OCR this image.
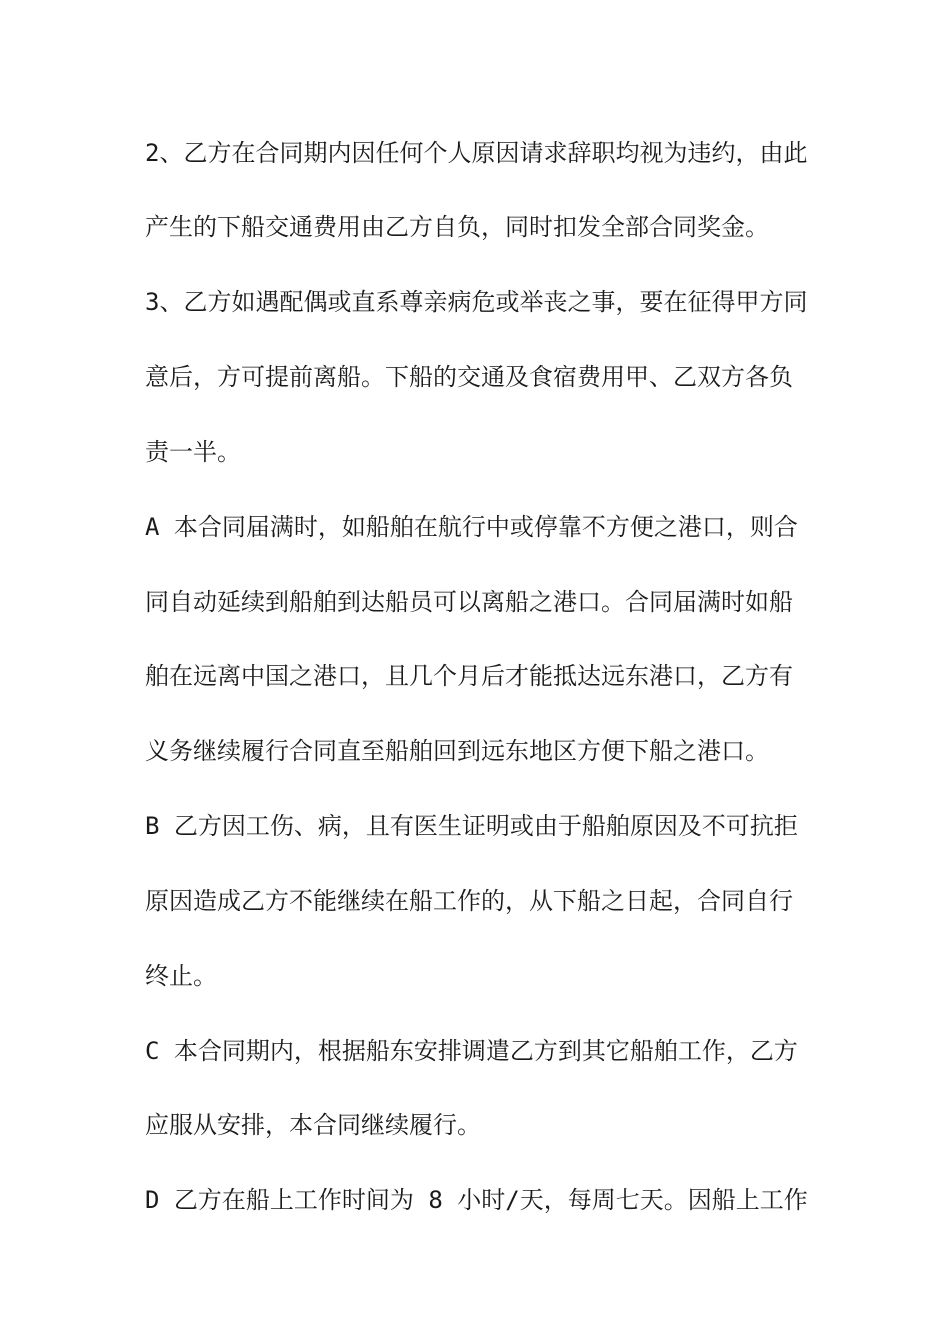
2、乙方在合同期内因任何个人原因请求辞职均视为违约，由此
产生的下船交通费用由乙方自负，同时扣发全部合同奖金。
3、乙方如遇配偶或直系尊亲病危或举丧之事，要在征得甲方同
意后，方可提前离船。下船的交通及食宿费用甲、乙双方各负
责一半。
A 本合同届满时，如船舶在航行中或停靠不方便之港口，则合
同自动延续到船舶到达船员可以离船之港口。合同届满时如船
舶在远离中国之港口，且几个月后才能抵达远东港口，乙方有
义务继续履行合同直至船舶回到远东地区方便下船之港口。
B 乙方因工伤、病，且有医生证明或由于船舶原因及不可抗拒
原因造成乙方不能继续在船工作的，从下船之日起，合同自行
终止。
C 本合同期内，根据船东安排调遣乙方到其它船舶工作，乙方
应服从安排，本合同继续履行。
D 乙方在船上工作时间为 8 小时/天，每周七天。因船上工作
